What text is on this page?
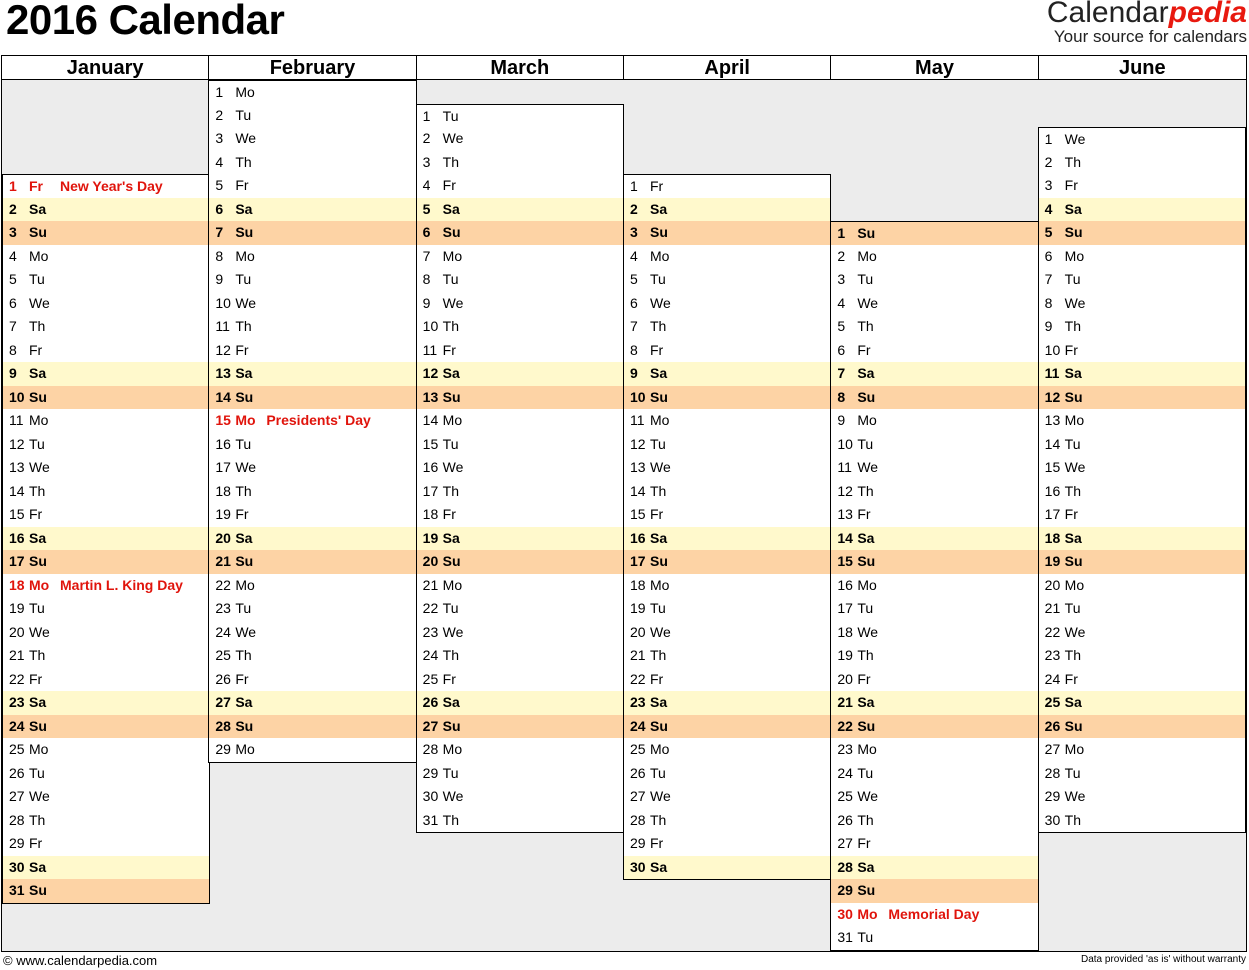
2016 Calendar	Calendarpedia
Your source for calendars
January
1 Fr New Year's Day
2 Sa
3 Su
4 Mo
5 Tu
6 We
7 Th
8 Fr
9 Sa
10 Su
11 Mo
12 Tu
13 We
14 Th
15 Fr
16 Sa
17 Su
18 Mo Martin L. King Day
19 Tu
20 We
21 Th
22 Fr
23 Sa
24 Su
25 Mo
26 Tu
27 We
28 Th
29 Fr
30 Sa
31 Su
February
1 Mo
2 Tu
3 We
4 Th
5 Fr
6 Sa
7 Su
8 Mo
9 Tu
10 We
11 Th
12 Fr
13 Sa
14 Su
15 Mo Presidents' Day
16 Tu
17 We
18 Th
19 Fr
20 Sa
21 Su
22 Mo
23 Tu
24 We
25 Th
26 Fr
27 Sa
28 Su
29 Mo
March
1 Tu
2 We
3 Th
4 Fr
5 Sa
6 Su
7 Mo
8 Tu
9 We
10 Th
11 Fr
12 Sa
13 Su
14 Mo
15 Tu
16 We
17 Th
18 Fr
19 Sa
20 Su
21 Mo
22 Tu
23 We
24 Th
25 Fr
26 Sa
27 Su
28 Mo
29 Tu
30 We
31 Th
April
1 Fr
2 Sa
3 Su
4 Mo
5 Tu
6 We
7 Th
8 Fr
9 Sa
10 Su
11 Mo
12 Tu
13 We
14 Th
15 Fr
16 Sa
17 Su
18 Mo
19 Tu
20 We
21 Th
22 Fr
23 Sa
24 Su
25 Mo
26 Tu
27 We
28 Th
29 Fr
30 Sa
May
1 Su
2 Mo
3 Tu
4 We
5 Th
6 Fr
7 Sa
8 Su
9 Mo
10 Tu
11 We
12 Th
13 Fr
14 Sa
15 Su
16 Mo
17 Tu
18 We
19 Th
20 Fr
21 Sa
22 Su
23 Mo
24 Tu
25 We
26 Th
27 Fr
28 Sa
29 Su
30 Mo Memorial Day
31 Tu
June
1 We
2 Th
3 Fr
4 Sa
5 Su
6 Mo
7 Tu
8 We
9 Th
10 Fr
11 Sa
12 Su
13 Mo
14 Tu
15 We
16 Th
17 Fr
18 Sa
19 Su
20 Mo
21 Tu
22 We
23 Th
24 Fr
25 Sa
26 Su
27 Mo
28 Tu
29 We
30 Th
© www.calendarpedia.com	Data provided 'as is' without warranty
